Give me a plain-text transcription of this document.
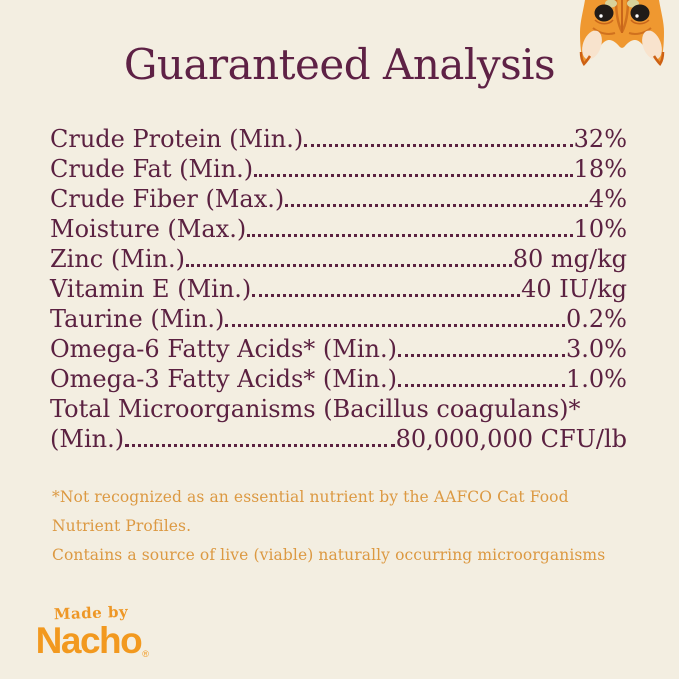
Guaranteed Analysis
Crude Protein (Min.)	32%
Crude Fat (Min.)	18%
Crude Fiber (Max.)	4%
Moisture (Max.)	10%
Zinc (Min.)	80 mg/kg
Vitamin E (Min.)	40 IU/kg
Taurine (Min.)	0.2%
Omega-6 Fatty Acids* (Min.)	3.0%
Omega-3 Fatty Acids* (Min.)	1.0%
Total Microorganisms (Bacillus coagulans)*
(Min.)	80,000,000 CFU/lb

*Not recognized as an essential nutrient by the AAFCO Cat Food Nutrient Profiles.

Contains a source of live (viable) naturally occurring microorganisms

Made by
Nacho®
